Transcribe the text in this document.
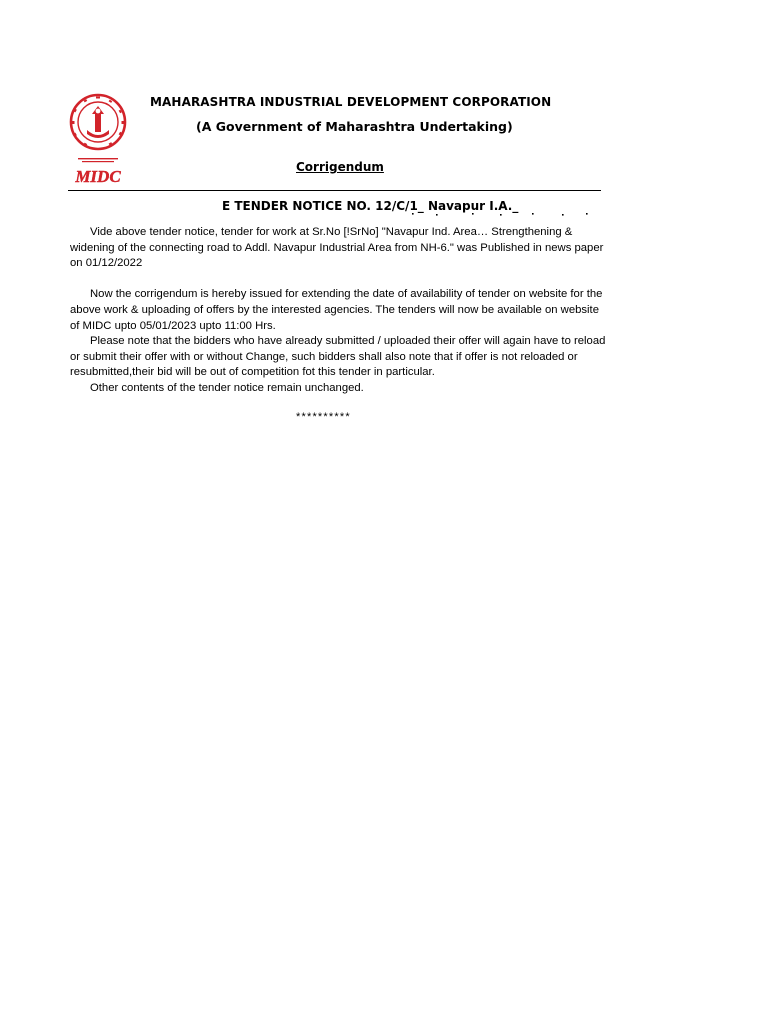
MIDC
MAHARASHTRA INDUSTRIAL DEVELOPMENT CORPORATION
(A Government of Maharashtra Undertaking)
Corrigendum
E TENDER NOTICE NO. 12/C/1_ Navapur I.A._

Vide above tender notice, tender for work at Sr.No [!SrNo] "Navapur Ind. Area… Strengthening & widening of the connecting road to Addl. Navapur Industrial Area from NH-6." was Published in news paper on 01/12/2022

Now the corrigendum is hereby issued for extending the date of availability of tender on website for the above work & uploading of offers by the interested agencies. The tenders will now be available on website of MIDC upto 05/01/2023 upto 11:00 Hrs.

Please note that the bidders who have already submitted / uploaded their offer will again have to reload or submit their offer with or without Change, such bidders shall also note that if offer is not reloaded or resubmitted,their bid will be out of competition fot this tender in particular.

Other contents of the tender notice remain unchanged.

**********
